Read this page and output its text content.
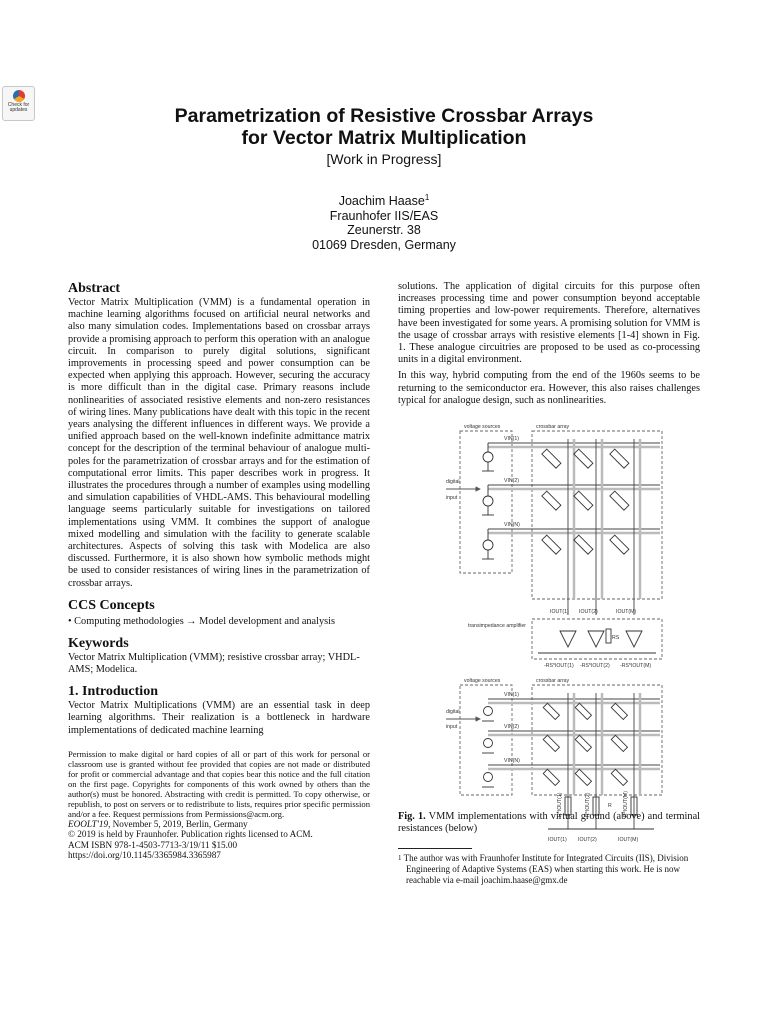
Check for updates	Parametrization of Resistive Crossbar Arrays
for Vector Matrix Multiplication
[Work in Progress]
Joachim Haase$^1$
Fraunhofer IIS/EAS
Zeunerstr. 38
01069 Dresden, Germany
Abstract

Vector Matrix Multiplication (VMM) is a fundamental operation in machine learning algorithms focused on artificial neural networks and also many simulation codes. Implementations based on crossbar arrays provide a promising approach to perform this operation with an analogue circuit. In comparison to purely digital solutions, significant improvements in processing speed and power consumption can be expected when applying this approach. However, securing the accuracy is more difficult than in the digital case. Primary reasons include nonlinearities of associated resistive elements and non-zero resistances of wiring lines. Many publications have dealt with this topic in the recent years analysing the different influences in different ways. We provide a unified approach based on the well-known indefinite admittance matrix concept for the description of the terminal behaviour of analogue multi-poles for the parametrization of crossbar arrays and for the estimation of computational error limits. This paper describes work in progress. It illustrates the procedures through a number of examples using modelling and simulation capabilities of VHDL-AMS. This behavioural modelling language seems particularly suitable for investigations on tailored implementations using VMM. It combines the support of analogue mixed modelling and simulation with the facility to generate scalable architectures. Aspects of solving this task with Modelica are also discussed. Furthermore, it is also shown how symbolic methods might be used to consider resistances of wiring lines in the parametrization of crossbar arrays.

CCS Concepts

• Computing methodologies → Model development and analysis

Keywords

Vector Matrix Multiplication (VMM); resistive crossbar array; VHDL-AMS; Modelica.

1. Introduction

Vector Matrix Multiplications (VMM) are an essential task in deep learning algorithms. Their realization is a bottleneck in hardware implementations of dedicated machine learning

Permission to make digital or hard copies of all or part of this work for personal or classroom use is granted without fee provided that copies are not made or distributed for profit or commercial advantage and that copies bear this notice and the full citation on the first page. Copyrights for components of this work owned by others than the author(s) must be honored. Abstracting with credit is permitted. To copy otherwise, or republish, to post on servers or to redistribute to lists, requires prior specific permission and/or a fee. Request permissions from Permissions@acm.org.

EOOLT'19, November 5, 2019, Berlin, Germany
© 2019 is held by Fraunhofer. Publication rights licensed to ACM.
ACM ISBN 978-1-4503-7713-3/19/11 $15.00
https://doi.org/10.1145/3365984.3365987

solutions. The application of digital circuits for this purpose often increases processing time and power consumption beyond acceptable timing properties and low-power requirements. Therefore, alternatives have been investigated for some years. A promising solution for VMM is the usage of crossbar arrays with resistive elements [1-4] shown in Fig. 1. These analogue circuitries are proposed to be used as co-processing units in a digital environment.

In this way, hybrid computing from the end of the 1960s seems to be returning to the semiconductor era. However, this also raises challenges typical for analogue design, such as nonlinearities.

voltage sources	crossbar array
digital
input
VIN(1)
VIN(2)
VIN(N)
IOUT(1) IOUT(2)	IOUT(M)
transimpedance amplifier
RS
-RS*IOUT(1) -RS*IOUT(2) -RS*IOUT(M)
voltage sources	crossbar array
digital
input
VIN(1)
VIN(2)
VIN(N)
R
IOUT(1) IOUT(2)	IOUT(M)
R*IOUT(1)	R*IOUT(2)	R*IOUT(M)

Fig. 1. VMM implementations with virtual ground (above) and terminal resistances (below)

$^1$ The author was with Fraunhofer Institute for Integrated Circuits (IIS), Division Engineering of Adaptive Systems (EAS) when starting this work. He is now reachable via e-mail joachim.haase@gmx.de
